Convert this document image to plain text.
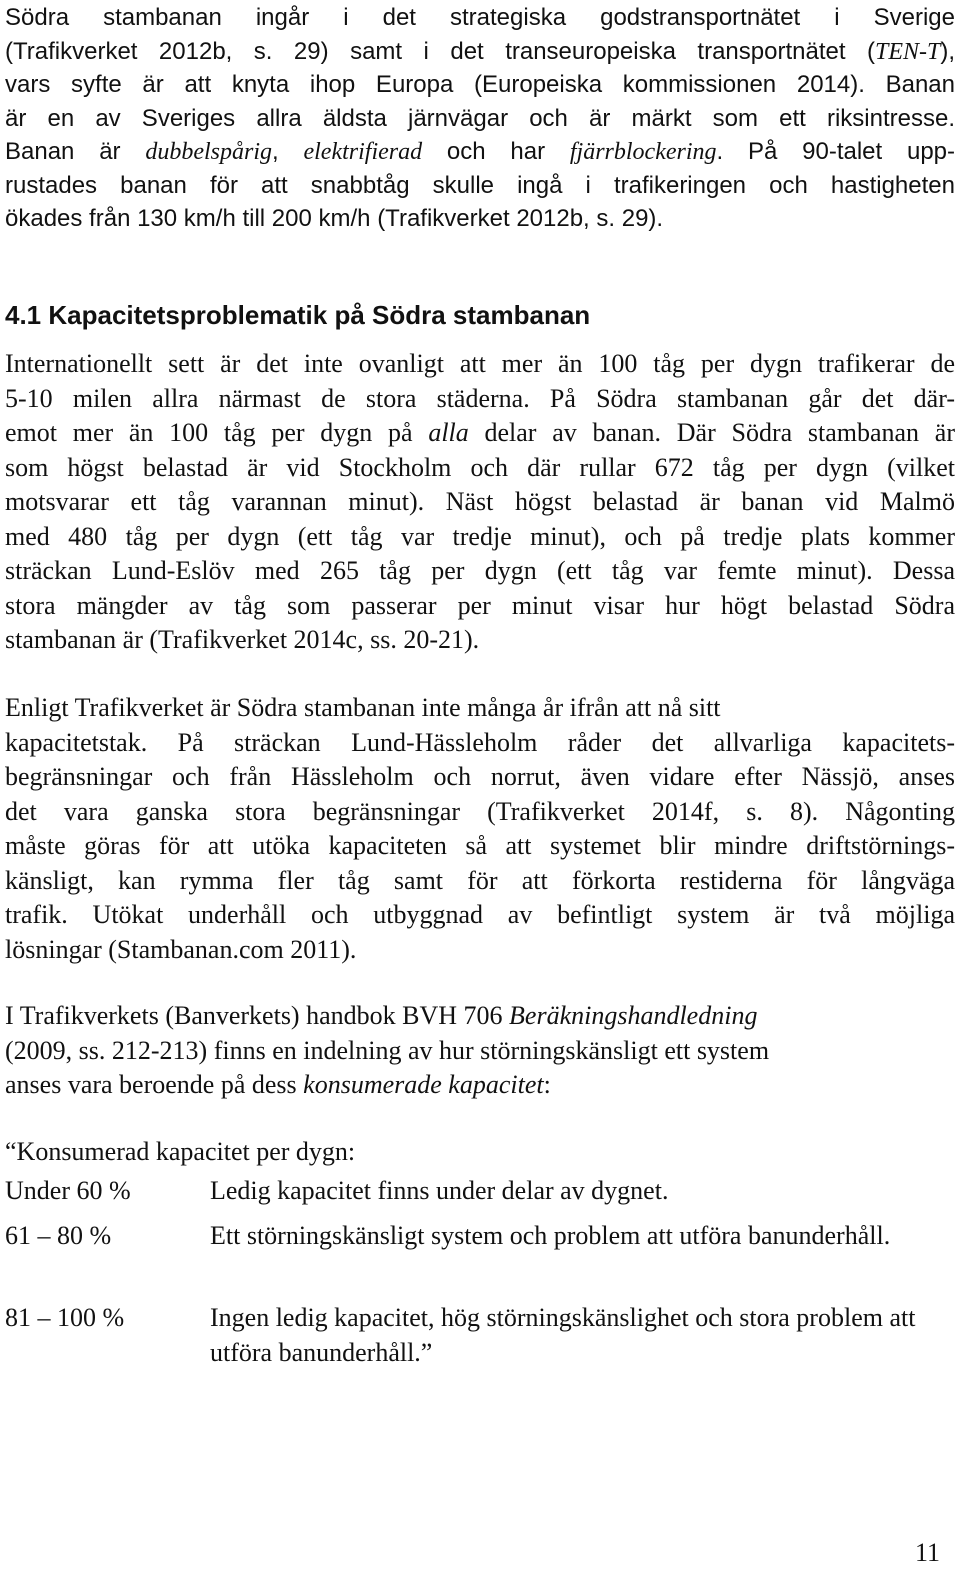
Södra stambanan ingår i det strategiska godstransportnätet i Sverige
(Trafikverket 2012b, s. 29) samt i det transeuropeiska transportnätet (TEN-T),
vars syfte är att knyta ihop Europa (Europeiska kommissionen 2014). Banan
är en av Sveriges allra äldsta järnvägar och är märkt som ett riksintresse.
Banan är dubbelspårig, elektrifierad och har fjärrblockering. På 90-talet upp-
rustades banan för att snabbtåg skulle ingå i trafikeringen och hastigheten
ökades från 130 km/h till 200 km/h (Trafikverket 2012b, s. 29).
4.1 Kapacitetsproblematik på Södra stambanan
Internationellt sett är det inte ovanligt att mer än 100 tåg per dygn trafikerar de
5-10 milen allra närmast de stora städerna. På Södra stambanan går det där-
emot mer än 100 tåg per dygn på alla delar av banan. Där Södra stambanan är
som högst belastad är vid Stockholm och där rullar 672 tåg per dygn (vilket
motsvarar ett tåg varannan minut). Näst högst belastad är banan vid Malmö
med 480 tåg per dygn (ett tåg var tredje minut), och på tredje plats kommer
sträckan Lund-Eslöv med 265 tåg per dygn (ett tåg var femte minut). Dessa
stora mängder av tåg som passerar per minut visar hur högt belastad Södra
stambanan är (Trafikverket 2014c, ss. 20-21).
Enligt Trafikverket är Södra stambanan inte många år ifrån att nå sitt
kapacitetstak. På sträckan Lund-Hässleholm råder det allvarliga kapacitets-
begränsningar och från Hässleholm och norrut, även vidare efter Nässjö, anses
det vara ganska stora begränsningar (Trafikverket 2014f, s. 8). Någonting
måste göras för att utöka kapaciteten så att systemet blir mindre driftstörnings-
känsligt, kan rymma fler tåg samt för att förkorta restiderna för långväga
trafik. Utökat underhåll och utbyggnad av befintligt system är två möjliga
lösningar (Stambanan.com 2011).
I Trafikverkets (Banverkets) handbok BVH 706 Beräkningshandledning
(2009, ss. 212-213) finns en indelning av hur störningskänsligt ett system
anses vara beroende på dess konsumerade kapacitet:
“Konsumerad kapacitet per dygn:
Under 60 %	Ledig kapacitet finns under delar av dygnet.
61 – 80 %	Ett störningskänsligt system och problem att utföra banunderhåll.
81 – 100 %	Ingen ledig kapacitet, hög störningskänslighet och stora problem att utföra banunderhåll.”
11
